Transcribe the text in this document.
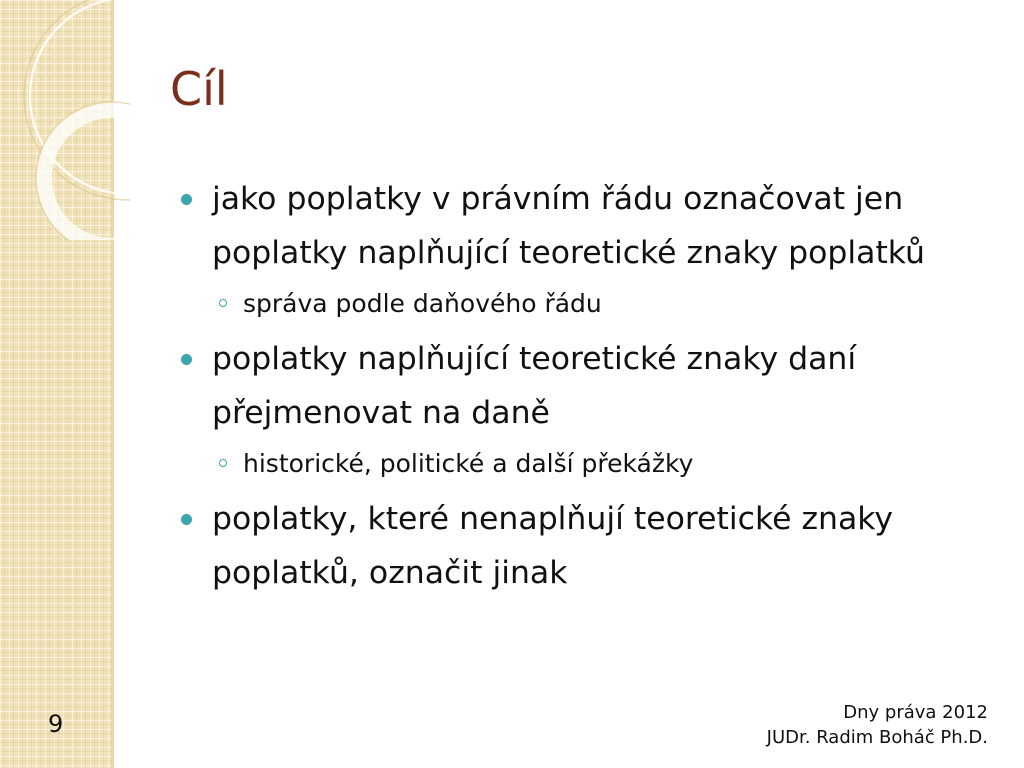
Cíl
jako poplatky v právním řádu označovat jen poplatky naplňující teoretické znaky poplatků
správa podle daňového řádu
poplatky naplňující teoretické znaky daní přejmenovat na daně
historické, politické a další překážky
poplatky, které nenaplňují teoretické znaky poplatků, označit jinak
9	Dny práva 2012
JUDr. Radim Boháč Ph.D.
